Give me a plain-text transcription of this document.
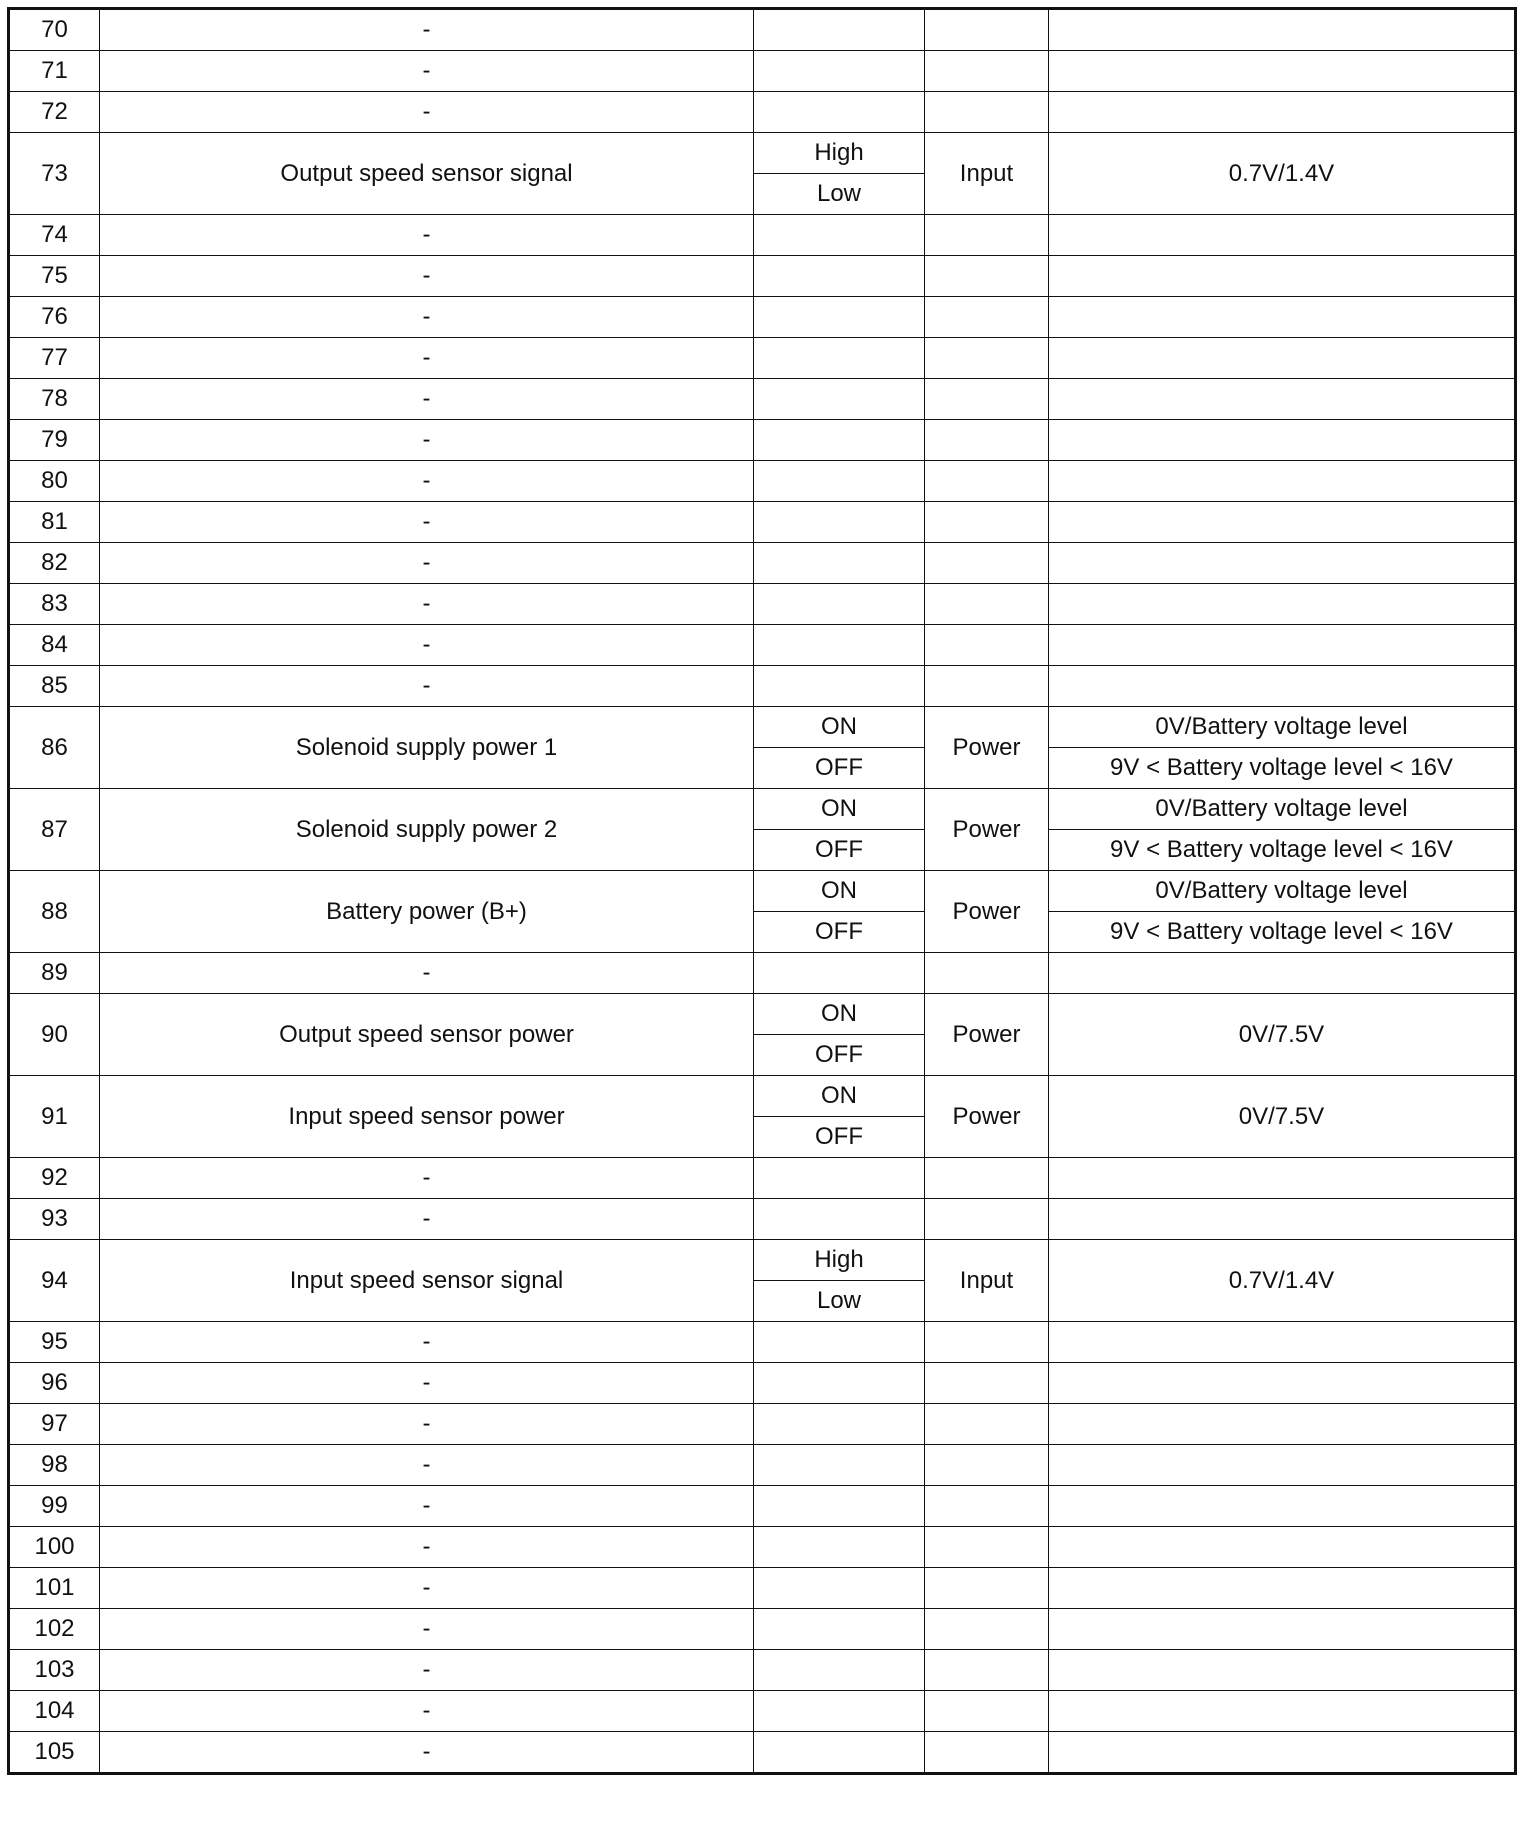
70	-			
71	-			
72	-			
73	Output speed sensor signal	High	Input	0.7V/1.4V
		Low		
74	-			
75	-			
76	-			
77	-			
78	-			
79	-			
80	-			
81	-			
82	-			
83	-			
84	-			
85	-			
86	Solenoid supply power 1	ON	Power	0V/Battery voltage level
		OFF		9V < Battery voltage level < 16V
87	Solenoid supply power 2	ON	Power	0V/Battery voltage level
		OFF		9V < Battery voltage level < 16V
88	Battery power (B+)	ON	Power	0V/Battery voltage level
		OFF		9V < Battery voltage level < 16V
89	-			
90	Output speed sensor power	ON	Power	0V/7.5V
		OFF		
91	Input speed sensor power	ON	Power	0V/7.5V
		OFF		
92	-			
93	-			
94	Input speed sensor signal	High	Input	0.7V/1.4V
		Low		
95	-			
96	-			
97	-			
98	-			
99	-			
100	-			
101	-			
102	-			
103	-			
104	-			
105	-			
